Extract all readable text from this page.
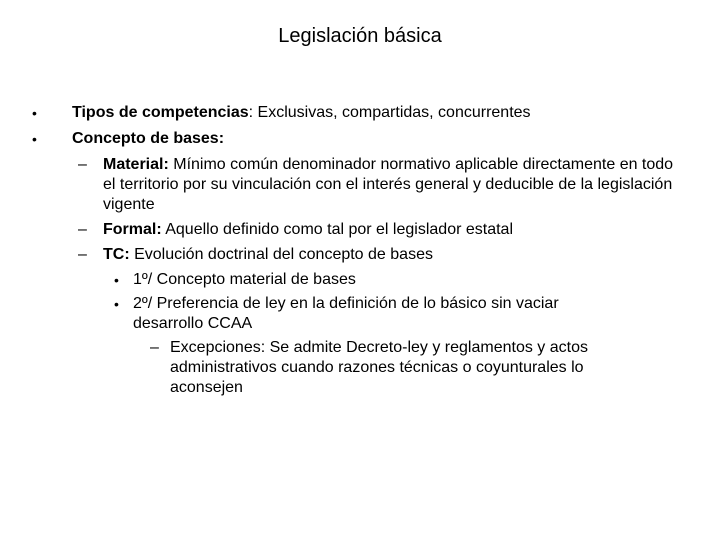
Legislación básica
•	Tipos de competencias: Exclusivas, compartidas, concurrentes
•	Concepto de bases:
–	Material: Mínimo común denominador normativo aplicable directamente en todo el territorio por su vinculación con el interés general y deducible de la legislación vigente
–	Formal: Aquello definido como tal por el legislador estatal
–	TC: Evolución doctrinal del concepto de bases
• 1º/ Concepto material de bases
• 2º/ Preferencia de ley en la definición de lo básico sin vaciar desarrollo CCAA
– Excepciones: Se admite Decreto-ley y reglamentos y actos administrativos cuando razones técnicas o coyunturales lo aconsejen
